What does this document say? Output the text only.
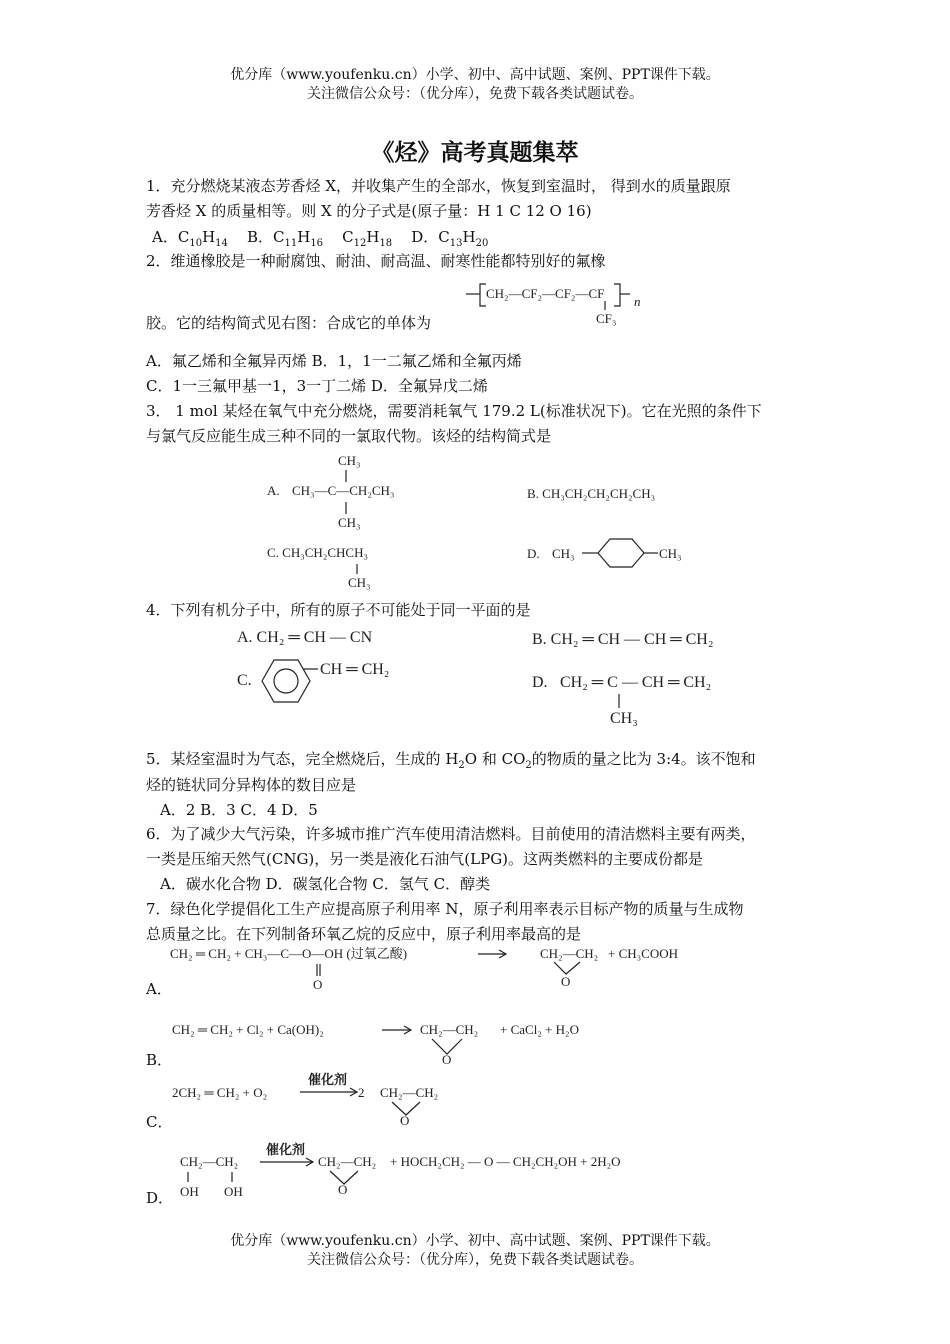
优分库（www.youfenku.cn）小学、初中、高中试题、案例、PPT课件下载。
关注微信公众号：（优分库），免费下载各类试题试卷。
《烃》高考真题集萃
1．充分燃烧某液态芳香烃 X，并收集产生的全部水，恢复到室温时， 得到水的质量跟原
芳香烃 X 的质量相等。则 X 的分子式是(原子量：H 1 C 12 O 16)
A．$C_{10}H_{14}$ B．$C_{11}H_{16}$ $C_{12}H_{18}$ D．$C_{13}H_{20}$
2．维通橡胶是一种耐腐蚀、耐油、耐高温、耐寒性能都特别好的氟橡
CH₂—CF₂—CF₂—CF
n
CF₃
胶。它的结构简式见右图：合成它的单体为
A．氟乙烯和全氟异丙烯 B．1，1一二氟乙烯和全氟丙烯
C．1一三氟甲基一1，3一丁二烯 D．全氟异戊二烯
3． 1 mol 某烃在氧气中充分燃烧，需要消耗氧气 179.2 L(标准状况下)。它在光照的条件下
与氯气反应能生成三种不同的一氯取代物。该烃的结构简式是
CH₃
A. CH₃—C—CH₂CH₃
CH₃
B. CH₃CH₂CH₂CH₂CH₃
C. CH₃CH₂CHCH₃
CH₃
D. CH₃	CH₃
4．下列有机分子中，所有的原子不可能处于同一平面的是
A. CH₂ ═ CH — CN	B. CH₂ ═ CH — CH ═ CH₂
C.
CH ═ CH₂
D. CH₂ ═ C — CH ═ CH₂
CH₃
5．某烃室温时为气态，完全燃烧后，生成的 $H_2O$ 和 $CO_2$的物质的量之比为 3:4。该不饱和
烃的链状同分异构体的数目应是
A．2 B．3 C．4 D．5
6．为了减少大气污染，许多城市推广汽车使用清洁燃料。目前使用的清洁燃料主要有两类，
一类是压缩天然气(CNG)，另一类是液化石油气(LPG)。这两类燃料的主要成份都是
A．碳水化合物 D．碳氢化合物 C．氢气 C．醇类
7．绿色化学提倡化工生产应提高原子利用率 N，原子利用率表示目标产物的质量与生成物
总质量之比。在下列制备环氧乙烷的反应中，原子利用率最高的是
A．
CH₂ ═ CH₂ + CH₃—C—O—OH (过氧乙酸)
O
CH₂—CH₂
O
+ CH₃COOH
B．
CH₂ ═ CH₂ + Cl₂ + Ca(OH)₂	CH₂—CH₂
O
+ CaCl₂ + H₂O
C．
2CH₂ ═ CH₂ + O₂
催化剂
2 CH₂—CH₂
O
D．
CH₂—CH₂
OH OH
催化剂
CH₂—CH₂
O
+ HOCH₂CH₂ — O — CH₂CH₂OH + 2H₂O
优分库（www.youfenku.cn）小学、初中、高中试题、案例、PPT课件下载。
关注微信公众号：（优分库），免费下载各类试题试卷。
